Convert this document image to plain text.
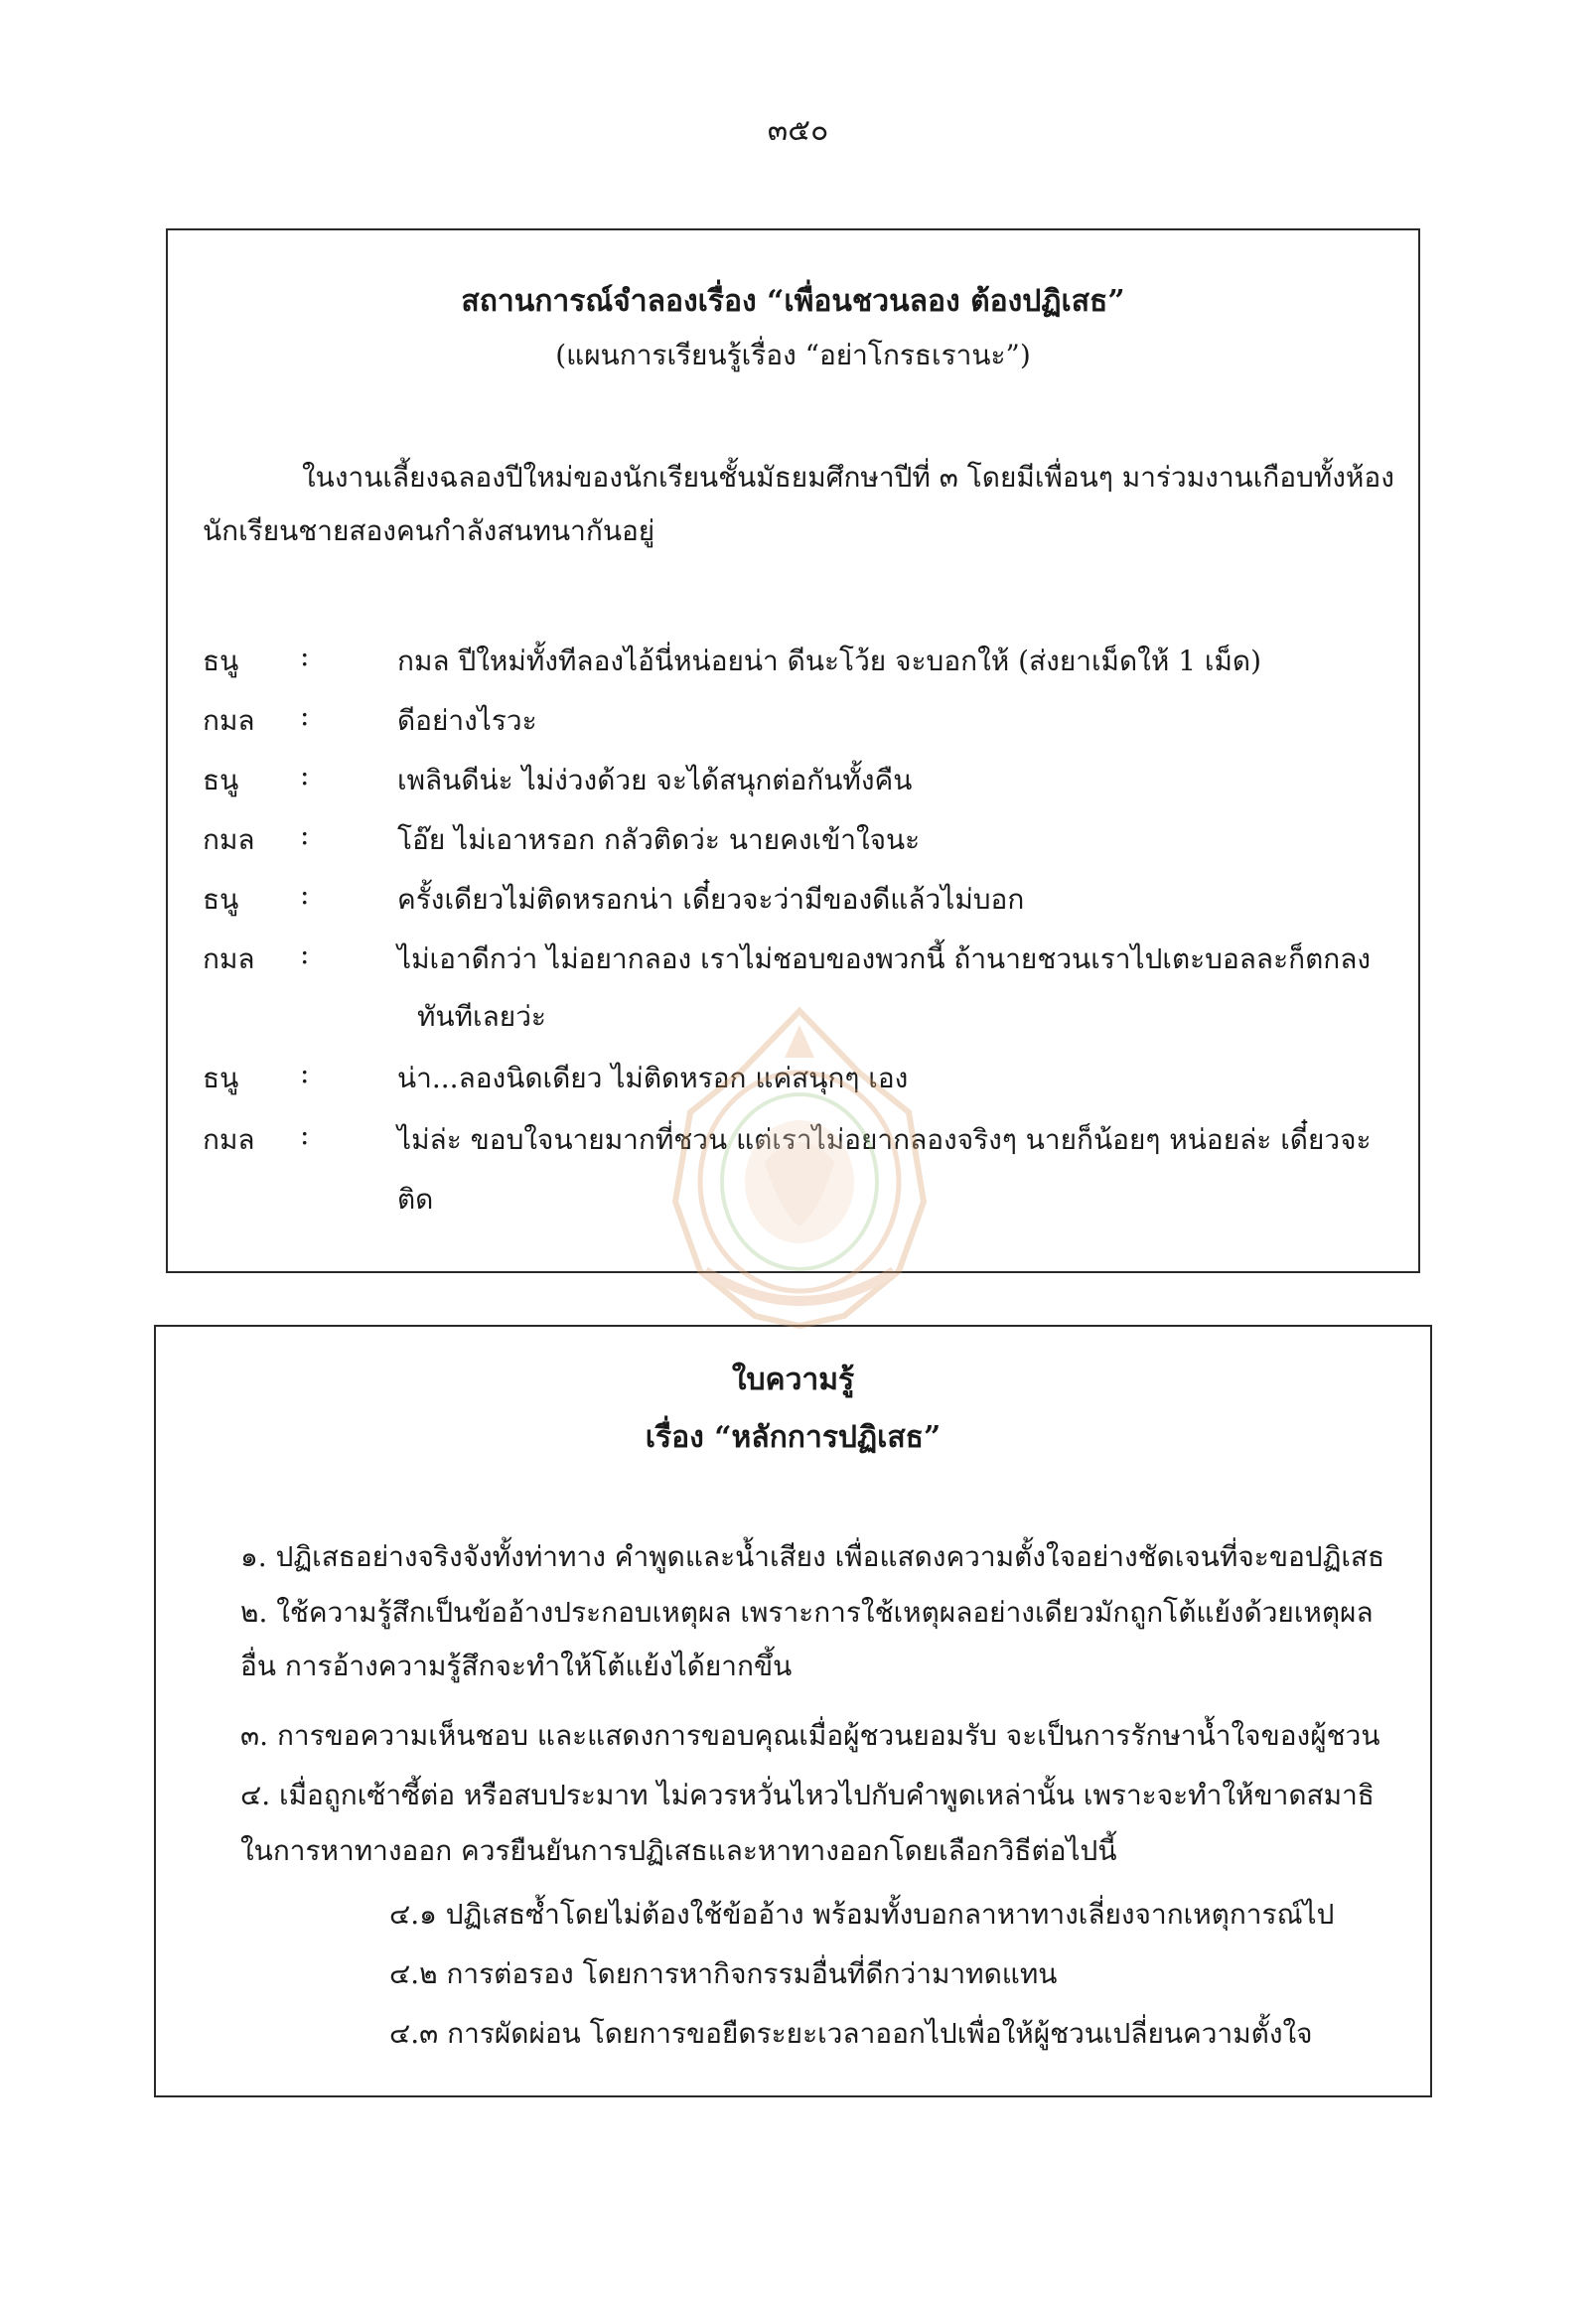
๓๕๐
สถานการณ์จำลองเรื่อง “เพื่อนชวนลอง ต้องปฏิเสธ”
(แผนการเรียนรู้เรื่อง “อย่าโกรธเรานะ”)
ในงานเลี้ยงฉลองปีใหม่ของนักเรียนชั้นมัธยมศึกษาปีที่ ๓ โดยมีเพื่อนๆ มาร่วมงานเกือบทั้งห้อง
นักเรียนชายสองคนกำลังสนทนากันอยู่
ธนู :	กมล ปีใหม่ทั้งทีลองไอ้นี่หน่อยน่า ดีนะโว้ย จะบอกให้ (ส่งยาเม็ดให้ 1 เม็ด)
กมล :	ดีอย่างไรวะ
ธนู :	เพลินดีน่ะ ไม่ง่วงด้วย จะได้สนุกต่อกันทั้งคืน
กมล :	โอ๊ย ไม่เอาหรอก กลัวติดว่ะ นายคงเข้าใจนะ
ธนู :	ครั้งเดียวไม่ติดหรอกน่า เดี๋ยวจะว่ามีของดีแล้วไม่บอก
กมล :	ไม่เอาดีกว่า ไม่อยากลอง เราไม่ชอบของพวกนี้ ถ้านายชวนเราไปเตะบอลละก็ตกลง
ทันทีเลยว่ะ
ธนู :	น่า...ลองนิดเดียว ไม่ติดหรอก แค่สนุกๆ เอง
กมล :	ไม่ล่ะ ขอบใจนายมากที่ชวน แต่เราไม่อยากลองจริงๆ นายก็น้อยๆ หน่อยล่ะ เดี๋ยวจะ
ติด
ใบความรู้
เรื่อง “หลักการปฏิเสธ”
๑. ปฏิเสธอย่างจริงจังทั้งท่าทาง คำพูดและน้ำเสียง เพื่อแสดงความตั้งใจอย่างชัดเจนที่จะขอปฏิเสธ
๒. ใช้ความรู้สึกเป็นข้ออ้างประกอบเหตุผล เพราะการใช้เหตุผลอย่างเดียวมักถูกโต้แย้งด้วยเหตุผล
อื่น การอ้างความรู้สึกจะทำให้โต้แย้งได้ยากขึ้น
๓. การขอความเห็นชอบ และแสดงการขอบคุณเมื่อผู้ชวนยอมรับ จะเป็นการรักษาน้ำใจของผู้ชวน
๔. เมื่อถูกเซ้าซี้ต่อ หรือสบประมาท ไม่ควรหวั่นไหวไปกับคำพูดเหล่านั้น เพราะจะทำให้ขาดสมาธิ
ในการหาทางออก ควรยืนยันการปฏิเสธและหาทางออกโดยเลือกวิธีต่อไปนี้
๔.๑ ปฏิเสธซ้ำโดยไม่ต้องใช้ข้ออ้าง พร้อมทั้งบอกลาหาทางเลี่ยงจากเหตุการณ์ไป
๔.๒ การต่อรอง โดยการหากิจกรรมอื่นที่ดีกว่ามาทดแทน
๔.๓ การผัดผ่อน โดยการขอยืดระยะเวลาออกไปเพื่อให้ผู้ชวนเปลี่ยนความตั้งใจ
